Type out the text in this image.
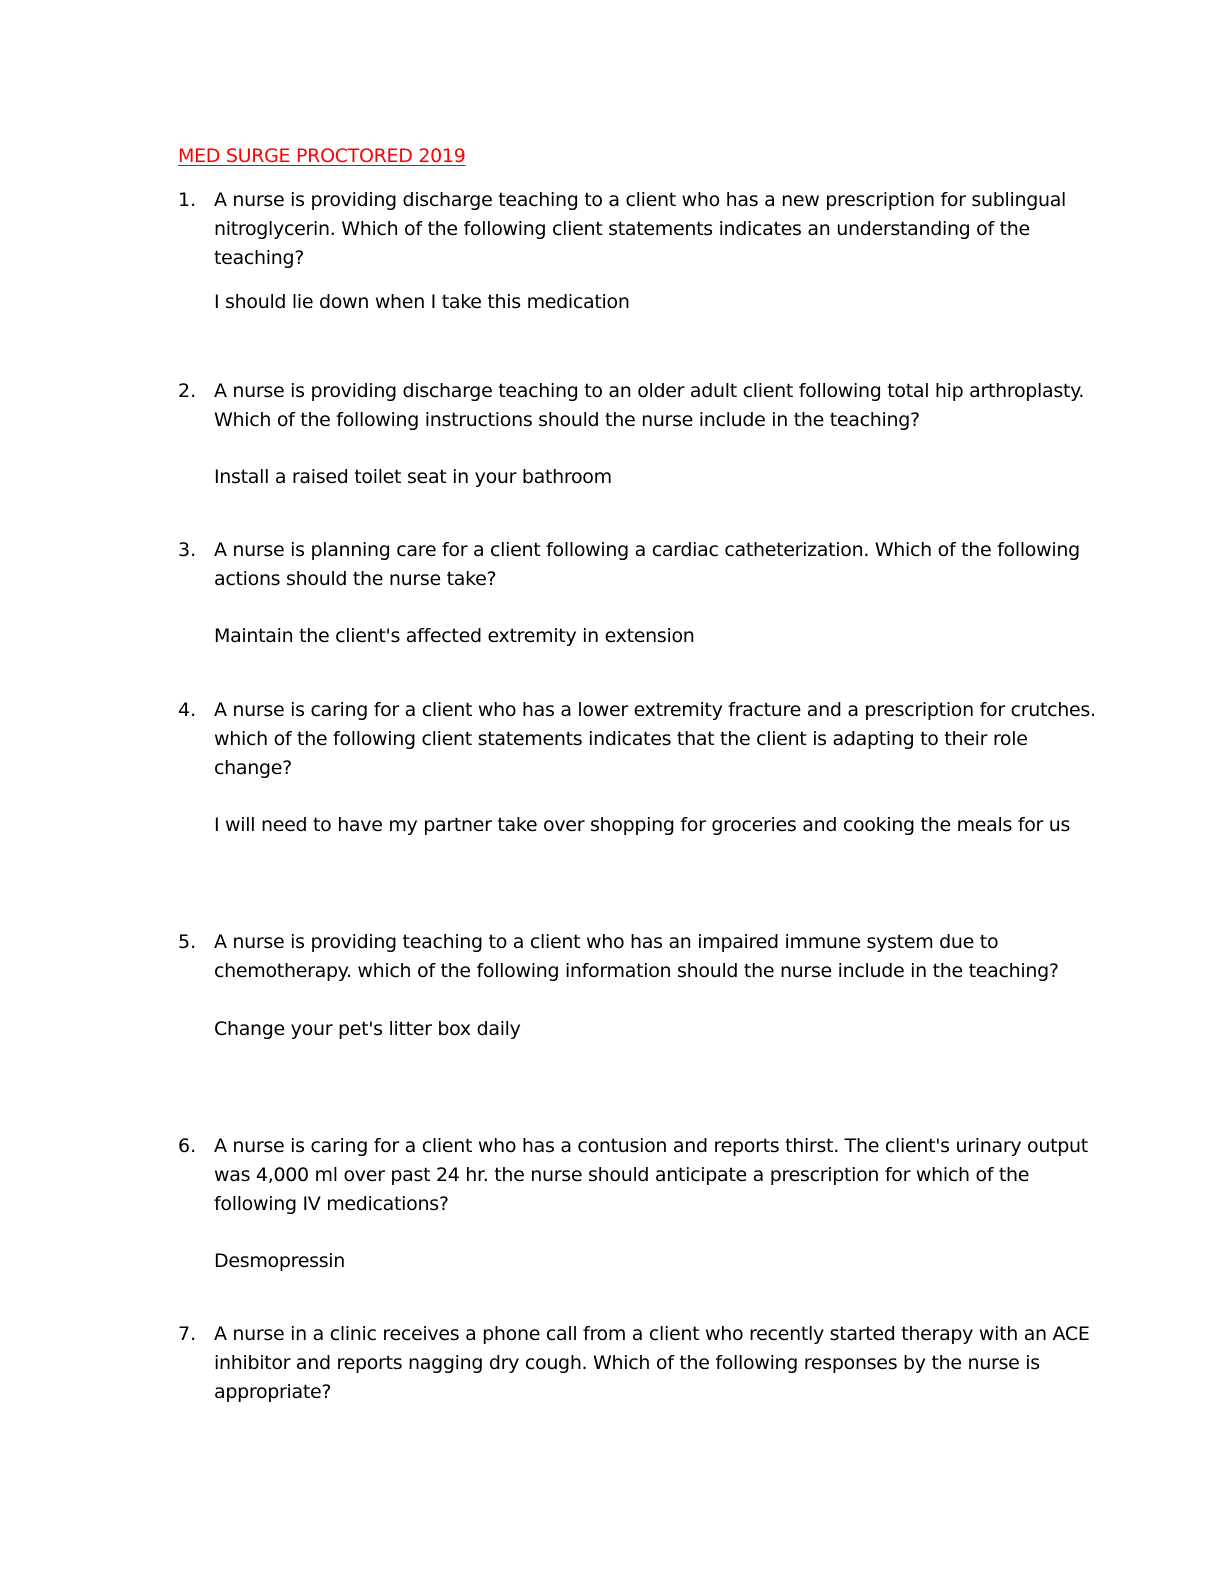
MED SURGE PROCTORED 2019
1. A nurse is providing discharge teaching to a client who has a new prescription for sublingual
nitroglycerin. Which of the following client statements indicates an understanding of the
teaching?
I should lie down when I take this medication
2. A nurse is providing discharge teaching to an older adult client following total hip arthroplasty.
Which of the following instructions should the nurse include in the teaching?
Install a raised toilet seat in your bathroom
3. A nurse is planning care for a client following a cardiac catheterization. Which of the following
actions should the nurse take?
Maintain the client's affected extremity in extension
4. A nurse is caring for a client who has a lower extremity fracture and a prescription for crutches.
which of the following client statements indicates that the client is adapting to their role
change?
I will need to have my partner take over shopping for groceries and cooking the meals for us
5. A nurse is providing teaching to a client who has an impaired immune system due to
chemotherapy. which of the following information should the nurse include in the teaching?
Change your pet's litter box daily
6. A nurse is caring for a client who has a contusion and reports thirst. The client's urinary output
was 4,000 ml over past 24 hr. the nurse should anticipate a prescription for which of the
following IV medications?
Desmopressin
7. A nurse in a clinic receives a phone call from a client who recently started therapy with an ACE
inhibitor and reports nagging dry cough. Which of the following responses by the nurse is
appropriate?
